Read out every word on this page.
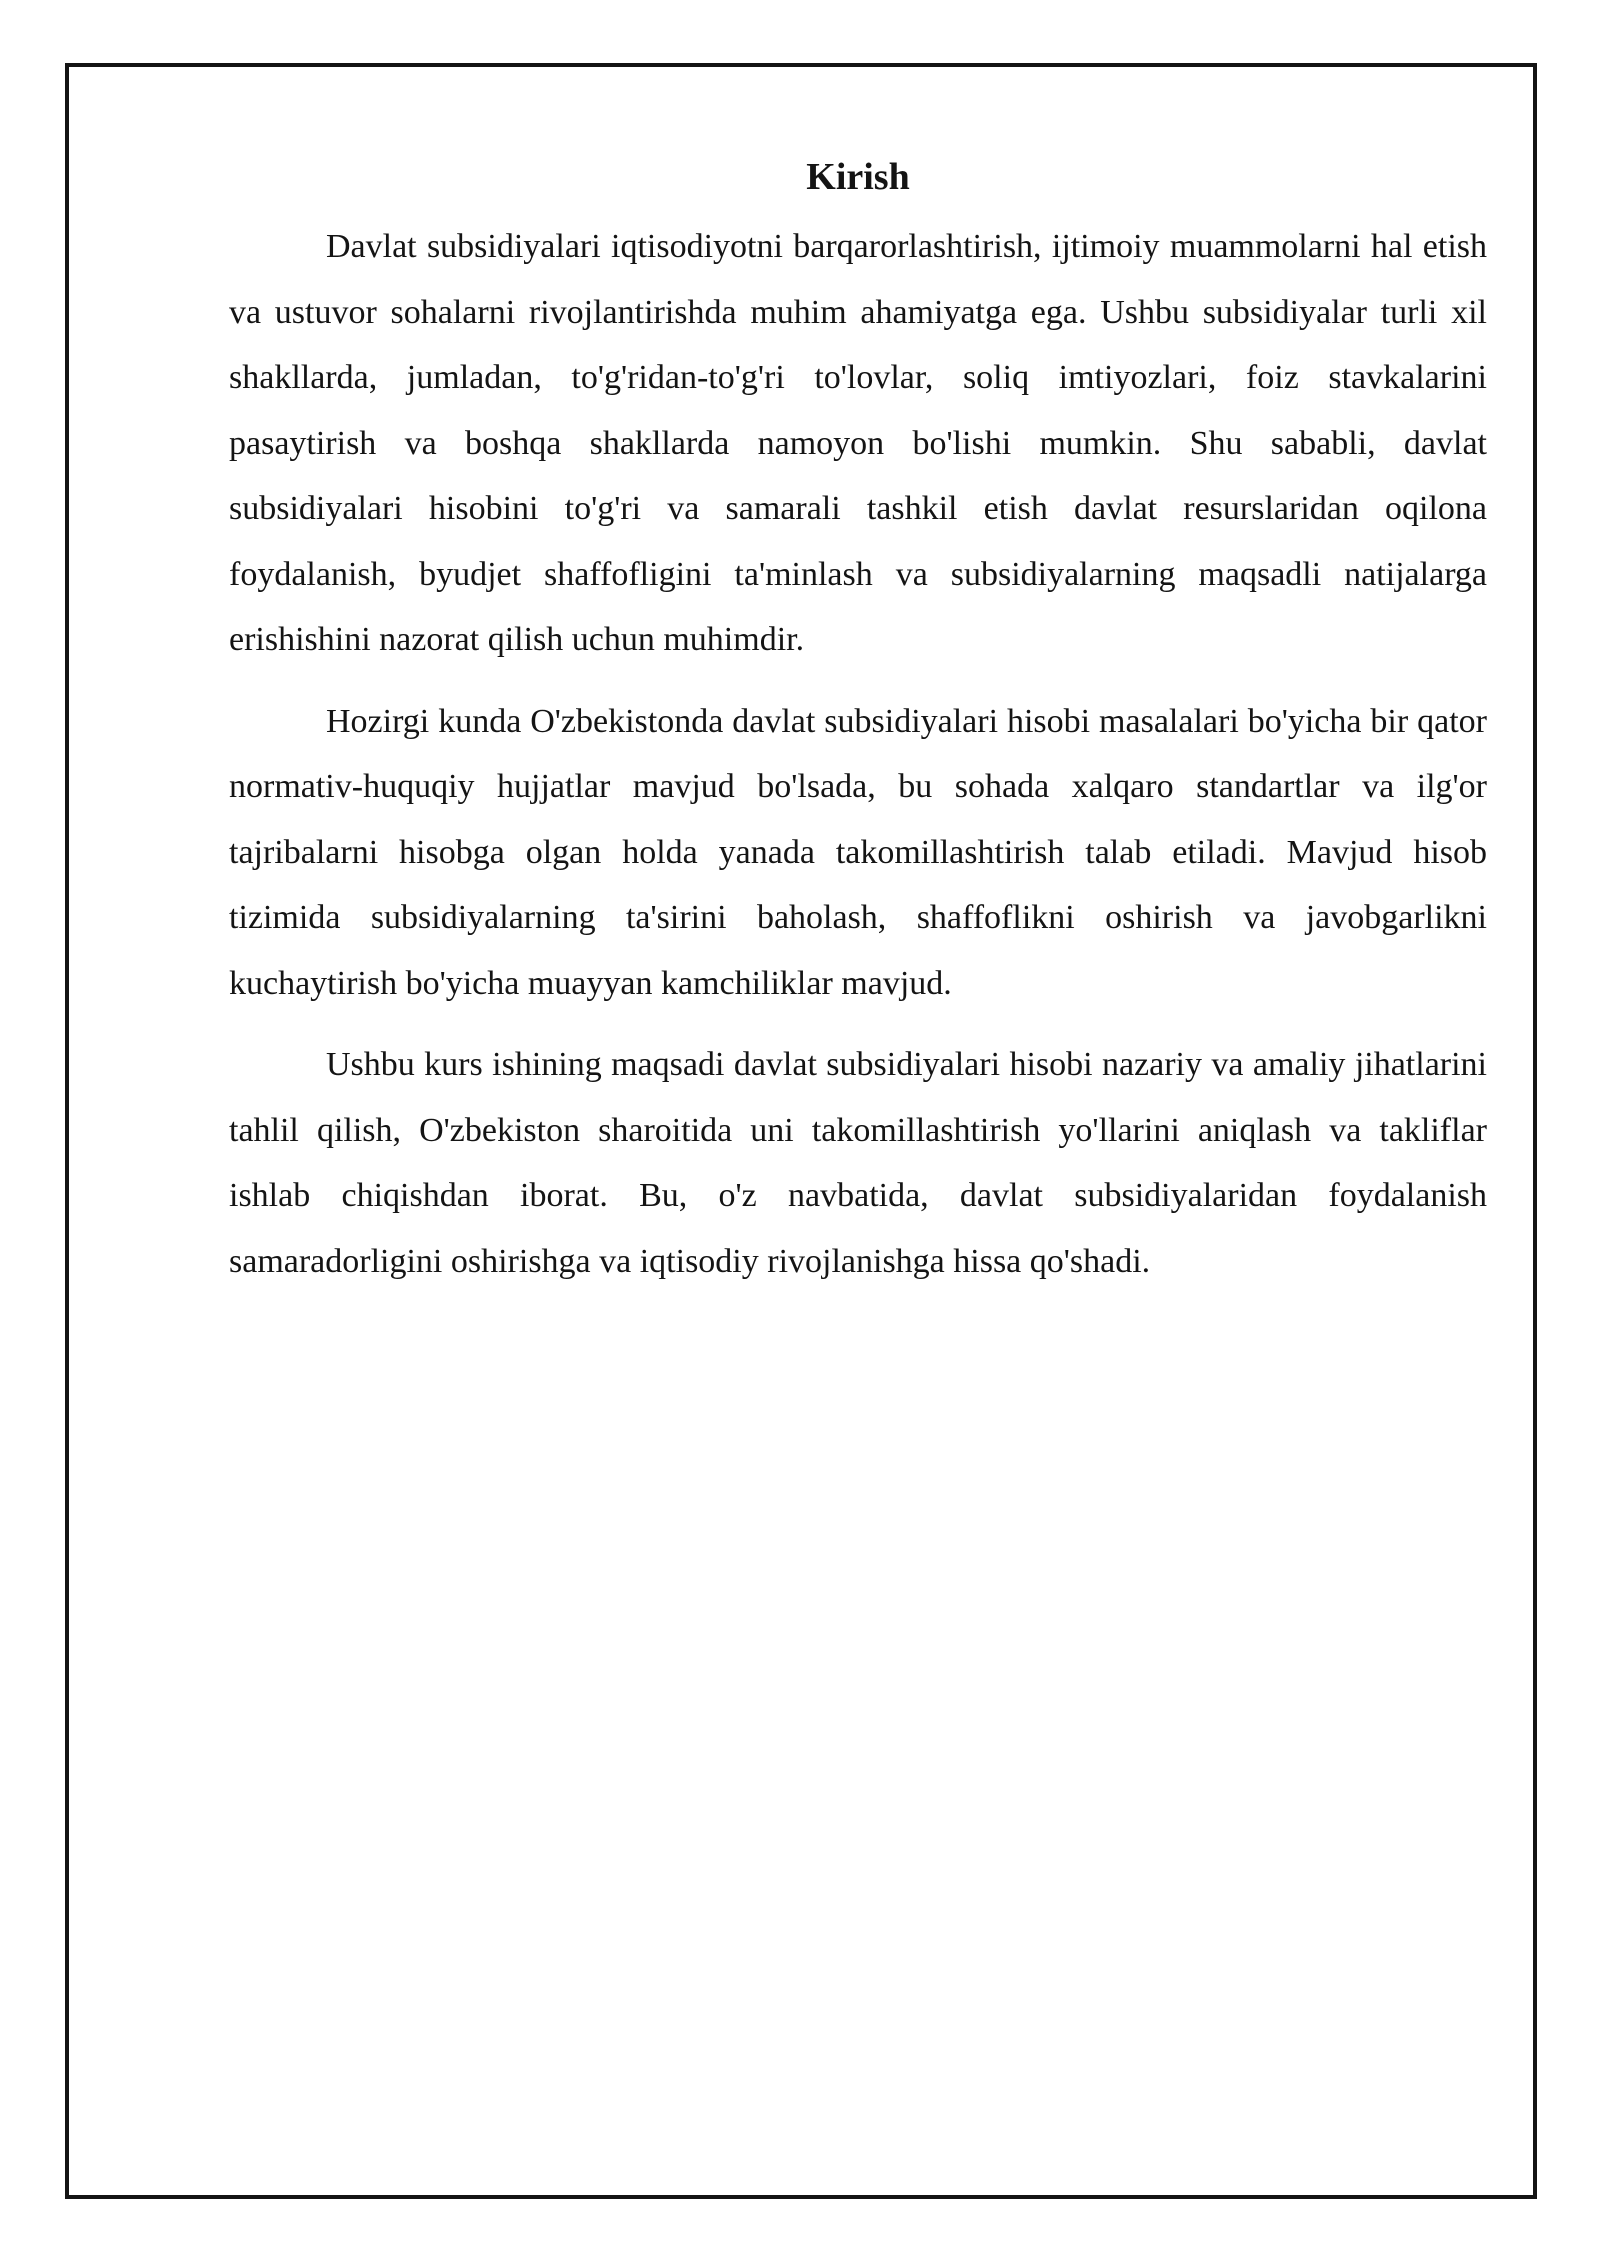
Kirish

Davlat subsidiyalari iqtisodiyotni barqarorlashtirish, ijtimoiy muammolarni hal etish va ustuvor sohalarni rivojlantirishda muhim ahamiyatga ega. Ushbu subsidiyalar turli xil shakllarda, jumladan, to'g'ridan-to'g'ri to'lovlar, soliq imtiyozlari, foiz stavkalarini pasaytirish va boshqa shakllarda namoyon bo'lishi mumkin. Shu sababli, davlat subsidiyalari hisobini to'g'ri va samarali tashkil etish davlat resurslaridan oqilona foydalanish, byudjet shaffofligini ta'minlash va subsidiyalarning maqsadli natijalarga erishishini nazorat qilish uchun muhimdir.

Hozirgi kunda O'zbekistonda davlat subsidiyalari hisobi masalalari bo'yicha bir qator normativ-huquqiy hujjatlar mavjud bo'lsada, bu sohada xalqaro standartlar va ilg'or tajribalarni hisobga olgan holda yanada takomillashtirish talab etiladi. Mavjud hisob tizimida subsidiyalarning ta'sirini baholash, shaffoflikni oshirish va javobgarlikni kuchaytirish bo'yicha muayyan kamchiliklar mavjud.

Ushbu kurs ishining maqsadi davlat subsidiyalari hisobi nazariy va amaliy jihatlarini tahlil qilish, O'zbekiston sharoitida uni takomillashtirish yo'llarini aniqlash va takliflar ishlab chiqishdan iborat. Bu, o'z navbatida, davlat subsidiyalaridan foydalanish samaradorligini oshirishga va iqtisodiy rivojlanishga hissa qo'shadi.
